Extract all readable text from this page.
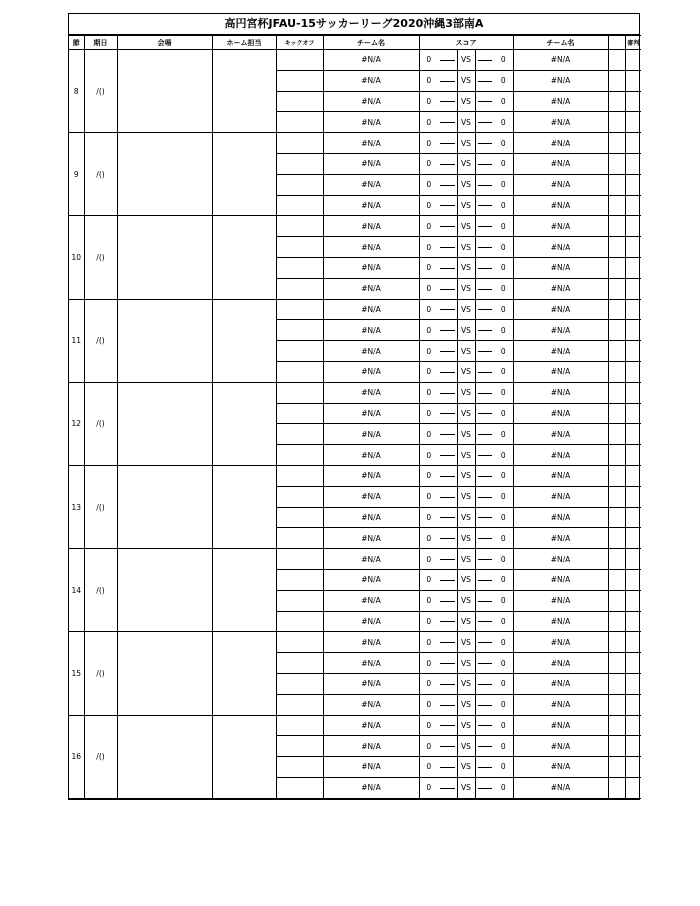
高円宮杯JFAU-15サッカーリーグ2020沖縄3部南A
節	期日	会場	ホーム担当	キックオフ	チーム名	スコア					チーム名		審判
8	/()				#N/A	0		VS		0	#N/A		
					#N/A	0		VS		0	#N/A		
					#N/A	0		VS		0	#N/A		
					#N/A	0		VS		0	#N/A		
9	/()				#N/A	0		VS		0	#N/A		
					#N/A	0		VS		0	#N/A		
					#N/A	0		VS		0	#N/A		
					#N/A	0		VS		0	#N/A		
10	/()				#N/A	0		VS		0	#N/A		
					#N/A	0		VS		0	#N/A		
					#N/A	0		VS		0	#N/A		
					#N/A	0		VS		0	#N/A		
11	/()				#N/A	0		VS		0	#N/A		
					#N/A	0		VS		0	#N/A		
					#N/A	0		VS		0	#N/A		
					#N/A	0		VS		0	#N/A		
12	/()				#N/A	0		VS		0	#N/A		
					#N/A	0		VS		0	#N/A		
					#N/A	0		VS		0	#N/A		
					#N/A	0		VS		0	#N/A		
13	/()				#N/A	0		VS		0	#N/A		
					#N/A	0		VS		0	#N/A		
					#N/A	0		VS		0	#N/A		
					#N/A	0		VS		0	#N/A		
14	/()				#N/A	0		VS		0	#N/A		
					#N/A	0		VS		0	#N/A		
					#N/A	0		VS		0	#N/A		
					#N/A	0		VS		0	#N/A		
15	/()				#N/A	0		VS		0	#N/A		
					#N/A	0		VS		0	#N/A		
					#N/A	0		VS		0	#N/A		
					#N/A	0		VS		0	#N/A		
16	/()				#N/A	0		VS		0	#N/A		
					#N/A	0		VS		0	#N/A		
					#N/A	0		VS		0	#N/A		
					#N/A	0		VS		0	#N/A		
